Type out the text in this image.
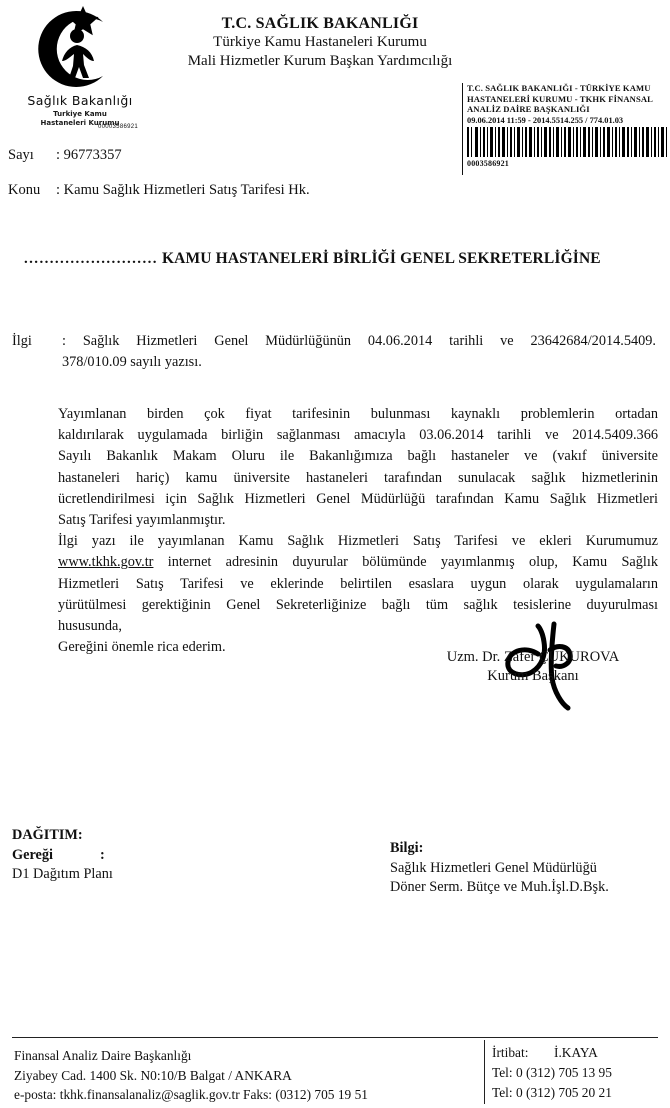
Sağlık Bakanlığı
Turkiye Kamu
Hastaneleri Kurumu
T.C. SAĞLIK BAKANLIĞI
Türkiye Kamu Hastaneleri Kurumu
Mali Hizmetler Kurum Başkan Yardımcılığı
T.C. SAĞLIK BAKANLIĞI - TÜRKİYE KAMU
HASTANELERİ KURUMU - TKHK FİNANSAL
ANALİZ DAİRE BAŞKANLIĞI
09.06.2014 11:59 - 2014.5514.255 / 774.01.03
0003586921
00003586921
Sayı : 96773357
Konu : Kamu Sağlık Hizmetleri Satış Tarifesi Hk.
.......................... KAMU HASTANELERİ BİRLİĞİ GENEL SEKRETERLİĞİNE
İlgi	: Sağlık Hizmetleri Genel Müdürlüğünün 04.06.2014 tarihli ve 23642684/2014.5409.
378/010.09 sayılı yazısı.

Yayımlanan birden çok fiyat tarifesinin bulunması kaynaklı problemlerin ortadan
kaldırılarak uygulamada birliğin sağlanması amacıyla 03.06.2014 tarihli ve 2014.5409.366
Sayılı Bakanlık Makam Oluru ile Bakanlığımıza bağlı hastaneler ve (vakıf üniversite
hastaneleri hariç) kamu üniversite hastaneleri tarafından sunulacak sağlık hizmetlerinin
ücretlendirilmesi için Sağlık Hizmetleri Genel Müdürlüğü tarafından Kamu Sağlık Hizmetleri
Satış Tarifesi yayımlanmıştır.

İlgi yazı ile yayımlanan Kamu Sağlık Hizmetleri Satış Tarifesi ve ekleri Kurumumuz
www.tkhk.gov.tr internet adresinin duyurular bölümünde yayımlanmış olup, Kamu Sağlık
Hizmetleri Satış Tarifesi ve eklerinde belirtilen esaslara uygun olarak uygulamaların
yürütülmesi gerektiğinin Genel Sekreterliğinize bağlı tüm sağlık tesislerine duyurulması
hususunda,

Gereğini önemle rica ederim.

Uzm. Dr. Zafer ÇUKUROVA
Kurum Başkanı
DAĞITIM:
Gereği	:
D1 Dağıtım Planı
Bilgi:
Sağlık Hizmetleri Genel Müdürlüğü
Döner Serm. Bütçe ve Muh.İşl.D.Bşk.
Finansal Analiz Daire Başkanlığı
Ziyabey Cad. 1400 Sk. N0:10/B Balgat / ANKARA
e-posta: tkhk.finansalanaliz@saglik.gov.tr Faks: (0312) 705 19 51
İrtibat: İ.KAYA
Tel: 0 (312) 705 13 95
Tel: 0 (312) 705 20 21
